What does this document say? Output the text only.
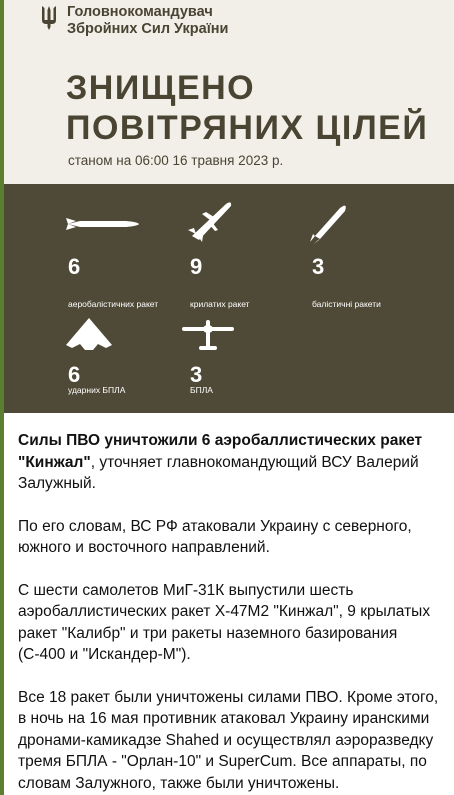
Головнокомандувач
Збройних Сил України
ЗНИЩЕНО
ПОВІТРЯНИХ ЦІЛЕЙ
станом на 06:00 16 травня 2023 р.
6
аеробалістичних ракет
9
крилатих ракет
3
балістичні ракети
6
ударних БПЛА
3
БПЛА

Силы ПВО уничтожили 6 аэробаллистических ракет "Кинжал", уточняет главнокомандующий ВСУ Валерий Залужный.

По его словам, ВС РФ атаковали Украину с северного, южного и восточного направлений.

С шести самолетов МиГ-31К выпустили шесть аэробаллистических ракет Х-47М2 "Кинжал", 9 крылатых ракет "Калибр" и три ракеты наземного базирования (С-400 и "Искандер-М").

Все 18 ракет были уничтожены силами ПВО. Кроме этого, в ночь на 16 мая противник атаковал Украину иранскими дронами-камикадзе Shahed и осуществлял аэроразведку тремя БПЛА - "Орлан-10" и SuperCum. Все аппараты, по словам Залужного, также были уничтожены.
